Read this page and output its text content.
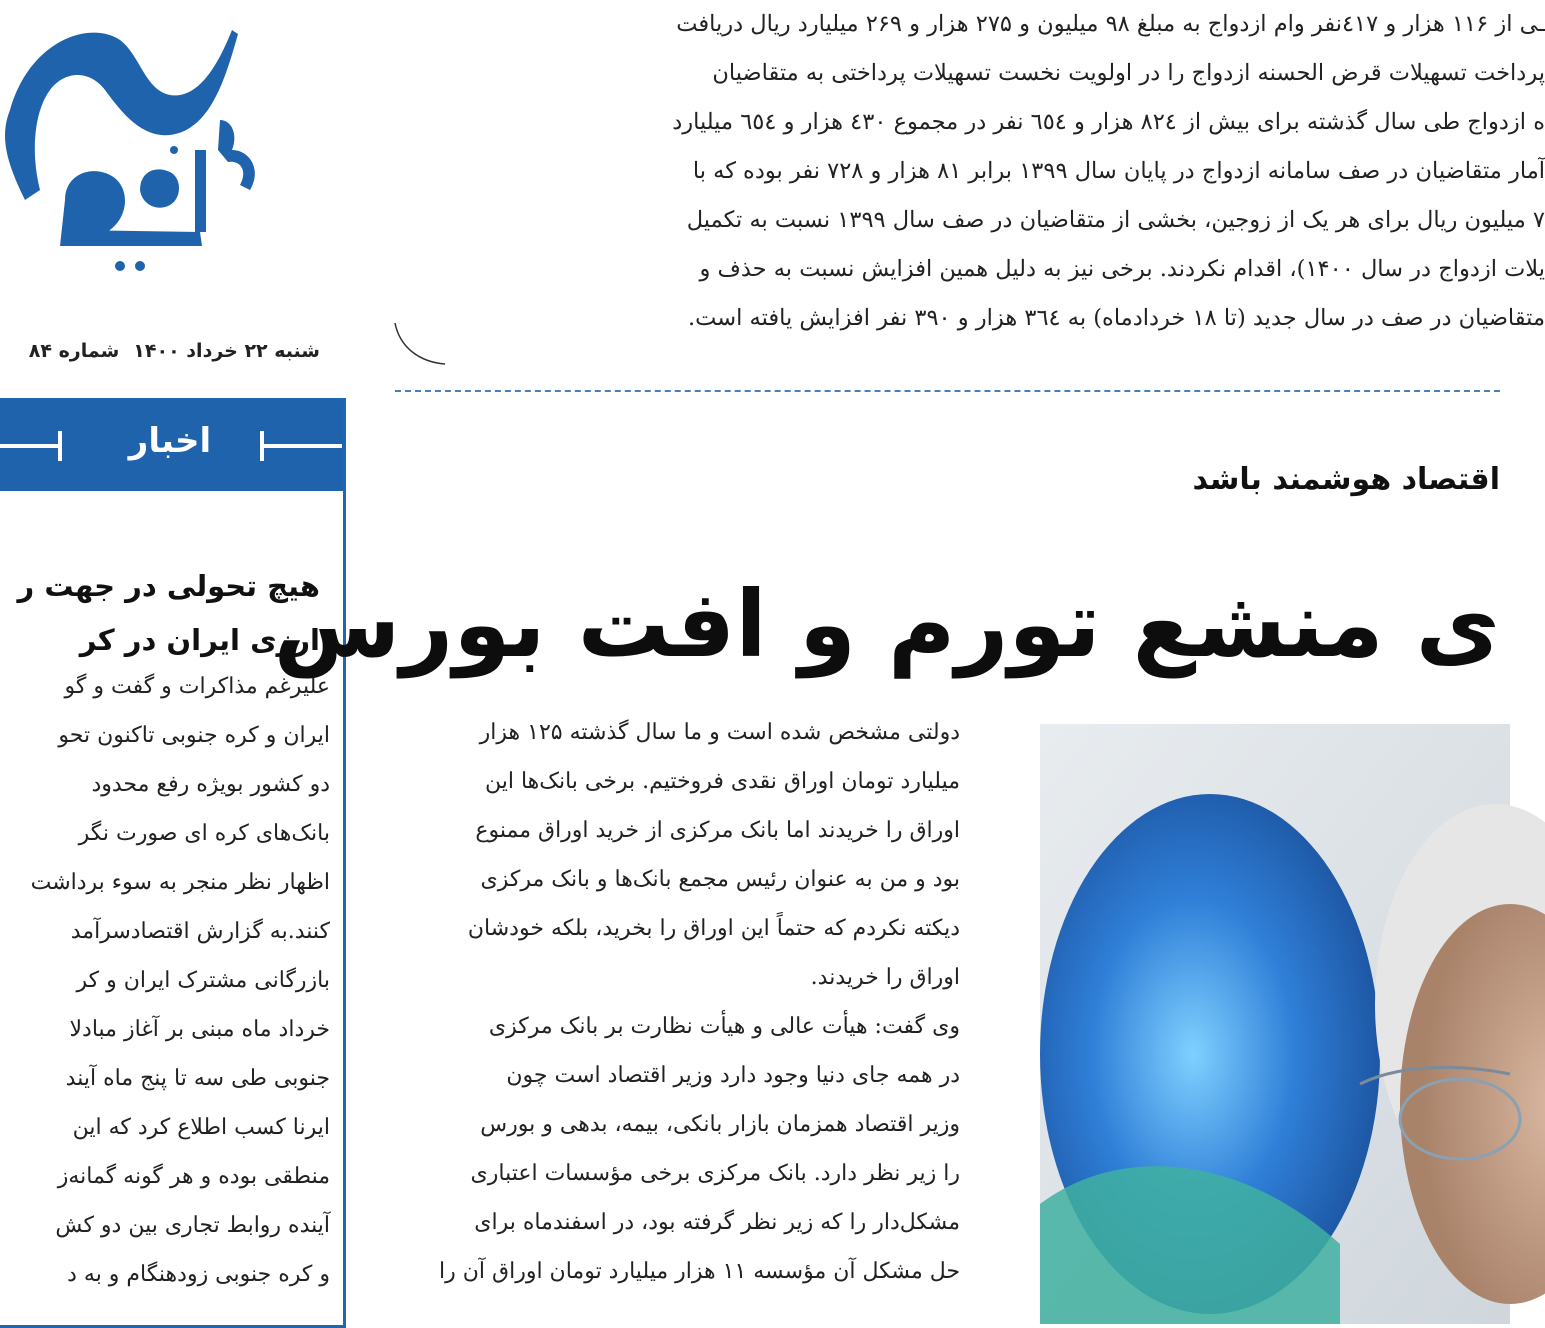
شنبه ۲۲ خرداد ۱۴۰۰شماره ۸۴
ـی از ۱۱۶ هزار و ٤١٧نفر وام ازدواج به مبلغ ۹۸ میلیون و ۲۷۵ هزار و ۲۶۹ میلیارد ریال دریافت
پرداخت تسهیلات قرض الحسنه ازدواج را در اولویت نخست تسهیلات پرداختی به متقاضیان
ه ازدواج طی سال گذشته برای بیش از ۸۲٤ هزار و ٦٥٤ نفر در مجموع ٤٣٠ هزار و ٦٥٤ میلیارد
آمار متقاضیان در صف سامانه ازدواج در پایان سال ۱۳۹۹ برابر ۸۱ هزار و ۷۲۸ نفر بوده که با
۷ میلیون ریال برای هر یک از زوجین، بخشی از متقاضیان در صف سال ۱۳۹۹ نسبت به تکمیل
یلات ازدواج در سال ۱۴۰۰)، اقدام نکردند. برخی نیز به دلیل همین افزایش نسبت به حذف و
متقاضیان در صف در سال جدید (تا ۱۸ خردادماه) به ۳٦٤ هزار و ۳۹۰ نفر افزایش یافته است.
اخبار
هیچ تحولی در جهت ر
ارزی ایران در کر
علیرغم مذاکرات و گفت و گو
ایران و کره جنوبی تاکنون تحو
دو کشور بویژه رفع محدود
بانک‌های کره ای صورت نگر
اظهار نظر منجر به سوء برداشت
کنند.به گزارش اقتصادسرآمد
بازرگانی مشترک ایران و کر
خرداد ماه مبنی بر آغاز مبادلا
جنوبی طی سه تا پنج ماه آیند
ایرنا کسب اطلاع کرد که این
منطقی بوده و هر گونه گمانه‌ز
آینده روابط تجاری بین دو کش
و کره جنوبی زودهنگام و به د
اقتصاد هوشمند باشد
ی منشع تورم و افت بورس
دولتی مشخص شده است و ما سال گذشته ۱۲۵ هزار
میلیارد تومان اوراق نقدی فروختیم. برخی بانک‌ها این
اوراق را خریدند اما بانک مرکزی از خرید اوراق ممنوع
بود و من به عنوان رئیس مجمع بانک‌ها و بانک مرکزی
دیکته نکردم که حتماً این اوراق را بخرید، بلکه خودشان
اوراق را خریدند.
وی گفت: هیأت عالی و هیأت نظارت بر بانک مرکزی
در همه جای دنیا وجود دارد وزیر اقتصاد است چون
وزیر اقتصاد همزمان بازار بانکی، بیمه، بدهی و بورس
را زیر نظر دارد. بانک مرکزی برخی مؤسسات اعتباری
مشکل‌دار را که زیر نظر گرفته بود، در اسفندماه برای
حل مشکل آن مؤسسه ۱۱ هزار میلیارد تومان اوراق آن را
